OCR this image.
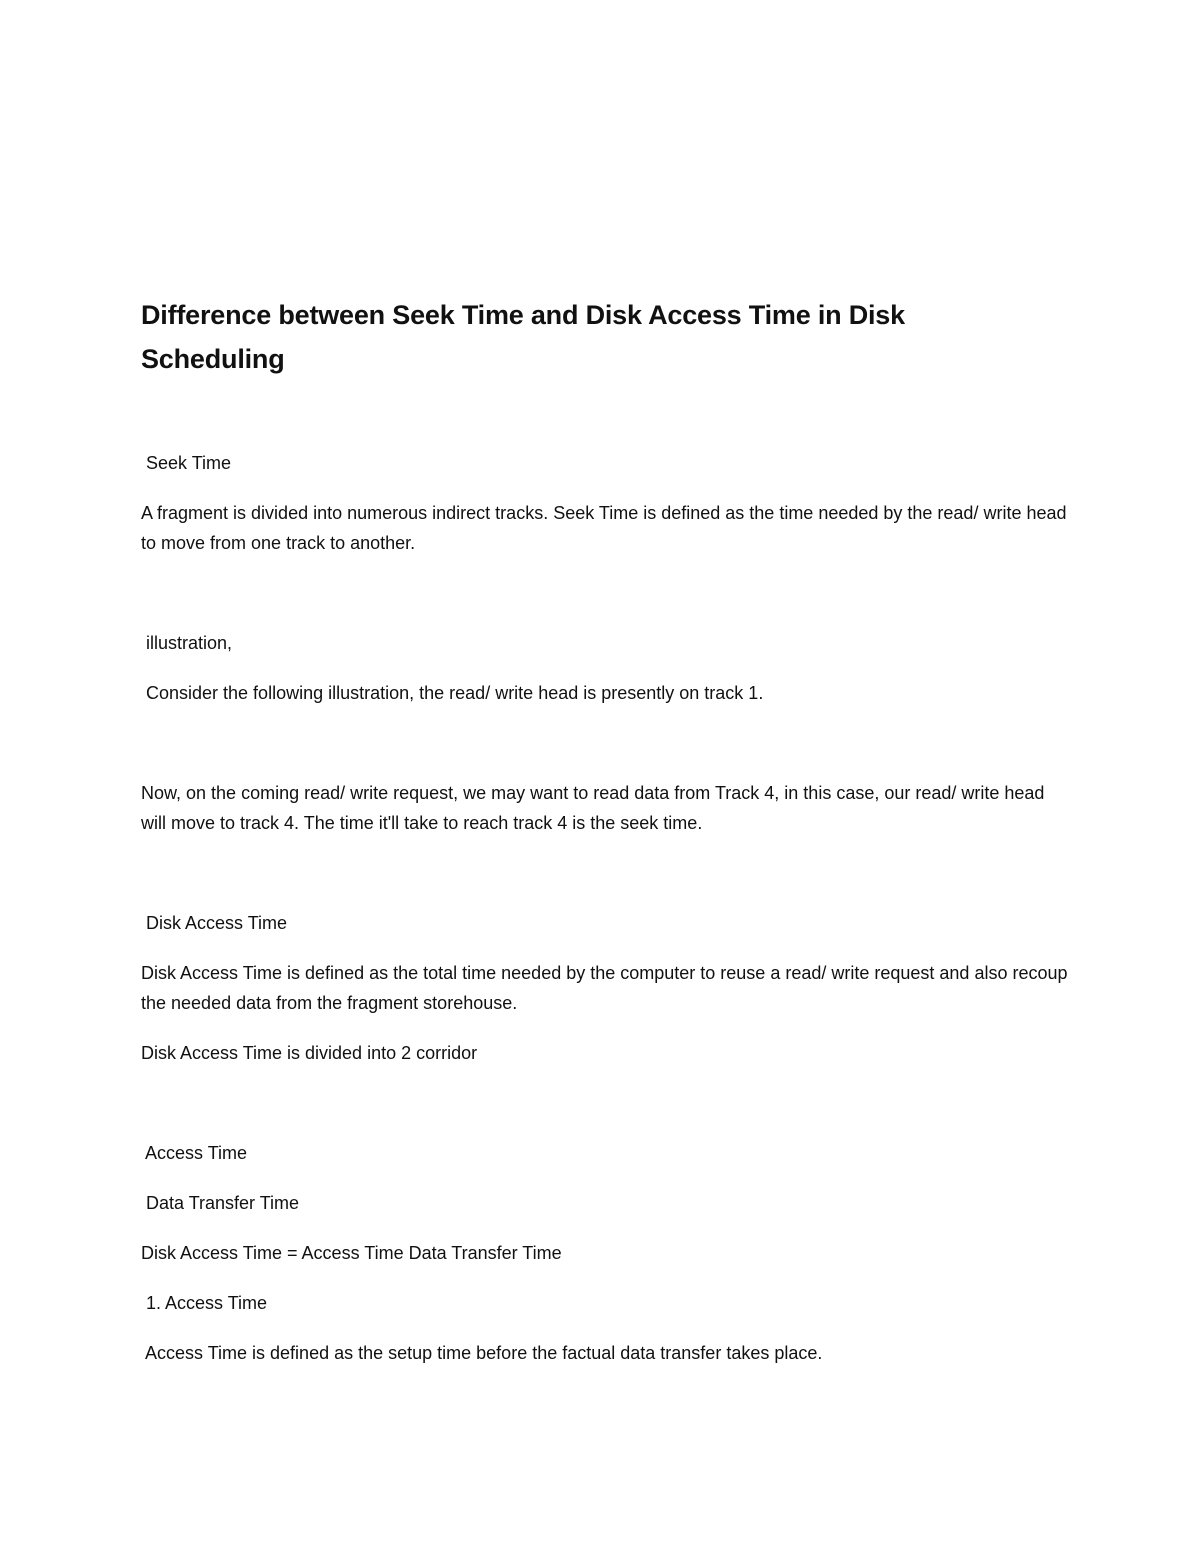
Difference between Seek Time and Disk Access Time in Disk Scheduling

Seek Time

A fragment is divided into numerous indirect tracks. Seek Time is defined as the time needed by the read/ write head to move from one track to another.

illustration,

Consider the following illustration, the read/ write head is presently on track 1.

Now, on the coming read/ write request, we may want to read data from Track 4, in this case, our read/ write head will move to track 4. The time it'll take to reach track 4 is the seek time.

Disk Access Time

Disk Access Time is defined as the total time needed by the computer to reuse a read/ write request and also recoup the needed data from the fragment storehouse.

Disk Access Time is divided into 2 corridor

Access Time

Data Transfer Time

Disk Access Time = Access Time Data Transfer Time

1. Access Time

Access Time is defined as the setup time before the factual data transfer takes place.
